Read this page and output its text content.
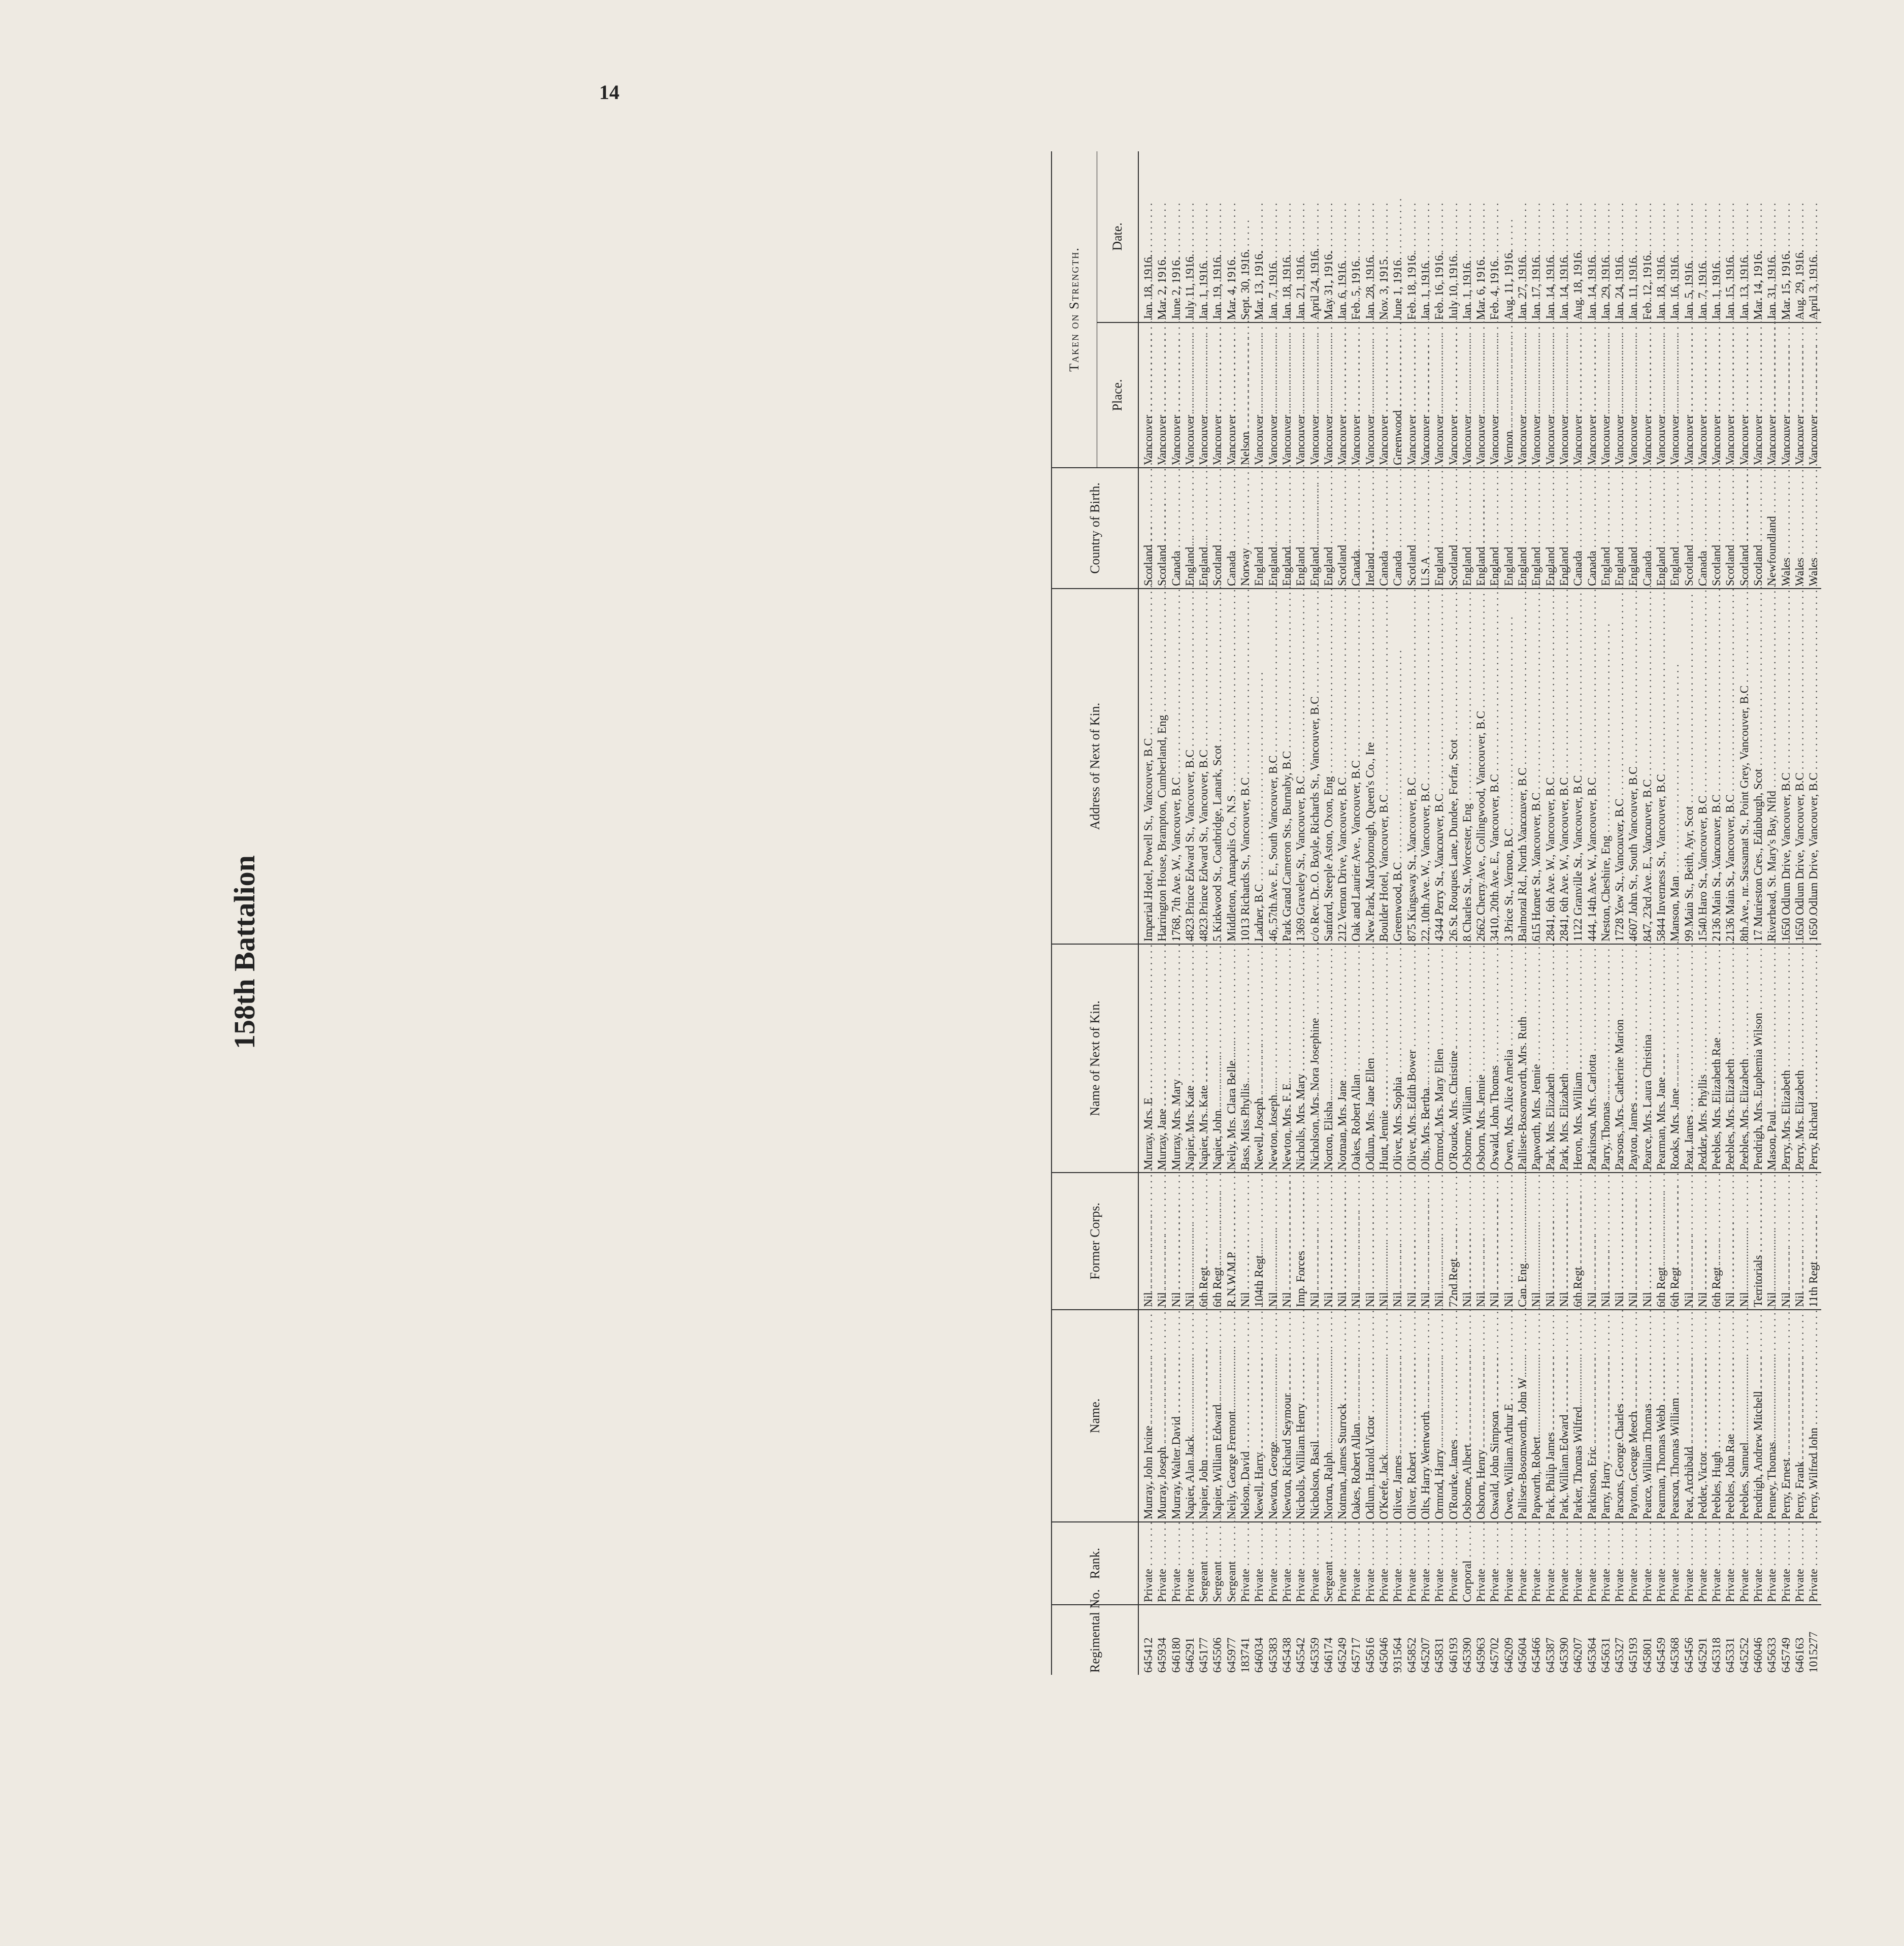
14
158th Battalion
Regimental No.	Rank.	Name.	Former Corps.	Name of Next of Kin.	Address of Next of Kin.	Country of Birth.	Taken on Strength.	
							Place.	Date.
645412	Private . . .	Murray, John Irvine . . .	Nil . . .	Murray, Mrs. E . . .	Imperial Hotel, Powell St., Vancouver, B.C . . .	Scotland . . .	Vancouver . . .	Jan. 18, 1916.
645934	Private . . .	Murray, Joseph . . .	Nil . . .	Murray, Jane . . .	Harrington House, Brampton, Cumberland, Eng . . .	Scotland . . .	Vancouver . . .	Mar. 2, 1916.
646180	Private . . .	Murray, Walter David . . .	Nil . . .	Murray, Mrs. Mary . . .	1768, 7th Ave. W., Vancouver, B.C . . .	Canada . . .	Vancouver . . .	June 2, 1916.
646291	Private . . .	Napier, Alan Jack . . .	Nil . . .	Napier, Mrs. Kate . . .	4823 Prince Edward St., Vancouver, B.C . . .	England . . .	Vancouver . . .	July 11, 1916.
645177	Sergeant . . .	Napier, John . . .	6th Regt . . .	Napier, Mrs. Kate . . .	4823 Prince Edward St., Vancouver, B.C . . .	England . . .	Vancouver . . .	Jan. 1, 1916.
645506	Sergeant . . .	Napier, William Edward . . .	6th Regt . . .	Napier, John . . .	5 Kirkwood St., Coatbridge, Lanark, Scot . . .	Scotland . . .	Vancouver . . .	Jan. 19, 1916.
645977	Sergeant . . .	Neily, George Fremont . . .	R.N.W.M.P . . .	Neily, Mrs. Clara Belle . . .	Middleton, Annapolis Co., N.S . . .	Canada . . .	Vancouver . . .	Mar. 4, 1916.
183741	Private . . .	Nelson, David . . .	Nil . . .	Bass, Miss Phyllis . . .	1013 Richards St., Vancouver, B.C . . .	Norway . . .	Nelson . . .	Sept. 30, 1916.
646034	Private . . .	Newell, Harry . . .	104th Regt . . .	Newell, Joseph . . .	Ladner, B.C . . .	England . . .	Vancouver . . .	Mar. 13, 1916.
645383	Private . . .	Newton, George . . .	Nil . . .	Newton, Joseph . . .	46, 57th Ave. E., South Vancouver, B.C . . .	England . . .	Vancouver . . .	Jan. 7, 1916.
645438	Private . . .	Newton, Richard Seymour . . .	Nil . . .	Newton, Mrs. F. E . . .	Park Grand Cameron Sts., Burnaby, B.C . . .	England . . .	Vancouver . . .	Jan. 18, 1916.
645542	Private . . .	Nicholls, William Henry . . .	Imp. Forces . . .	Nicholls, Mrs. Mary . . .	1369 Graveley St., Vancouver, B.C . . .	England . . .	Vancouver . . .	Jan. 21, 1916.
645359	Private . . .	Nicholson, Basil . . .	Nil . . .	Nicholson, Mrs. Nora Josephine . . .	c/o Rev. Dr. O. Boyle, Richards St., Vancouver, B.C . . .	England . . .	Vancouver . . .	April 24, 1916.
646174	Sergeant . . .	Norton, Ralph . . .	Nil . . .	Norton, Elisha . . .	Sanford, Steeple Aston, Oxon, Eng . . .	England . . .	Vancouver . . .	May 31, 1916.
645249	Private . . .	Notman, James Sturrock . . .	Nil . . .	Notman, Mrs. Jane . . .	212 Vernon Drive, Vancouver, B.C . . .	Scotland . . .	Vancouver . . .	Jan. 6, 1916.
645717	Private . . .	Oakes, Robert Allan . . .	Nil . . .	Oakes, Robert Allan . . .	Oak and Laurier Ave., Vancouver, B.C . . .	Canada . . .	Vancouver . . .	Feb. 5, 1916.
645616	Private . . .	Odlum, Harold Victor . . .	Nil . . .	Odlum, Mrs. Jane Ellen . . .	New Park, Maryborough, Queen's Co., Ire . . .	Ireland . . .	Vancouver . . .	Jan. 28, 1916.
645046	Private . . .	O'Keefe, Jack . . .	Nil . . .	Hunt, Jennie . . .	Boulder Hotel, Vancouver, B.C . . .	Canada . . .	Vancouver . . .	Nov. 3, 1915.
931564	Private . . .	Oliver, James . . .	Nil . . .	Oliver, Mrs. Sophia . . .	Greenwood, B.C . . .	Canada . . .	Greenwood . . .	June 1, 1916.
645852	Private . . .	Oliver, Robert . . .	Nil . . .	Oliver, Mrs. Edith Bower . . .	875 Kingsway St., Vancouver, B.C . . .	Scotland . . .	Vancouver . . .	Feb. 18, 1916.
645207	Private . . .	Olts, Harry Wentworth . . .	Nil . . .	Olts, Mrs. Bertha . . .	22, 10th Ave. W., Vancouver, B.C . . .	U.S.A . . .	Vancouver . . .	Jan. 1, 1916.
645831	Private . . .	Ormrod, Harry . . .	Nil . . .	Ormrod, Mrs. Mary Ellen . . .	4344 Perry St., Vancouver, B.C . . .	England . . .	Vancouver . . .	Feb. 16, 1916.
646193	Private . . .	O'Rourke, James . . .	72nd Regt . . .	O'Rourke, Mrs. Christine . . .	26 St. Rouques Lane, Dundee, Forfar, Scot . . .	Scotland . . .	Vancouver . . .	July 10, 1916.
645390	Corporal . . .	Osborne, Albert . . .	Nil . . .	Osborne, William . . .	8 Charles St., Worcester, Eng . . .	England . . .	Vancouver . . .	Jan. 1, 1916.
645963	Private . . .	Osborn, Henry . . .	Nil . . .	Osborn, Mrs. Jennie . . .	2662 Cherry Ave., Collingwood, Vancouver, B.C . . .	England . . .	Vancouver . . .	Mar. 6, 1916.
645702	Private . . .	Oswald, John Simpson . . .	Nil . . .	Oswald, John Thomas . . .	3410, 20th Ave. E., Vancouver, B.C . . .	England . . .	Vancouver . . .	Feb. 4, 1916.
646209	Private . . .	Owen, William Arthur E . . .	Nil . . .	Owen, Mrs. Alice Amelia . . .	3 Price St., Vernon, B.C . . .	England . . .	Vernon . . .	Aug. 11, 1916.
645604	Private . . .	Palliser-Bosomworth, John W . . .	Can. Eng . . .	Palliser-Bosomworth, Mrs. Ruth . . .	Balmoral Rd., North Vancouver, B.C . . .	England . . .	Vancouver . . .	Jan. 27, 1916.
645466	Private . . .	Papworth, Robert . . .	Nil . . .	Papworth, Mrs. Jennie . . .	615 Homer St., Vancouver, B.C . . .	England . . .	Vancouver . . .	Jan. 17, 1916.
645387	Private . . .	Park, Philip James . . .	Nil . . .	Park, Mrs. Elizabeth . . .	2841, 6th Ave. W., Vancouver, B.C . . .	England . . .	Vancouver . . .	Jan. 14, 1916.
645390	Private . . .	Park, William Edward . . .	Nil . . .	Park, Mrs. Elizabeth . . .	2841, 6th Ave. W., Vancouver, B.C . . .	England . . .	Vancouver . . .	Jan. 14, 1916.
646207	Private . . .	Parker, Thomas Wilfred . . .	6th Regt . . .	Heron, Mrs. William . . .	1122 Granville St., Vancouver, B.C . . .	Canada . . .	Vancouver . . .	Aug. 18, 1916.
645364	Private . . .	Parkinson, Eric . . .	Nil . . .	Parkinson, Mrs. Carlotta . . .	444, 14th Ave. W., Vancouver, B.C . . .	Canada . . .	Vancouver . . .	Jan. 14, 1916.
645631	Private . . .	Parry, Harry . . .	Nil . . .	Parry, Thomas . . .	Neston, Cheshire, Eng . . .	England . . .	Vancouver . . .	Jan. 29, 1916.
645327	Private . . .	Parsons, George Charles . . .	Nil . . .	Parsons, Mrs. Catherine Marion . . .	1728 Yew St., Vancouver, B.C . . .	England . . .	Vancouver . . .	Jan. 24, 1916.
645193	Private . . .	Payton, George Meech . . .	Nil . . .	Payton, James . . .	4607 John St., South Vancouver, B.C . . .	England . . .	Vancouver . . .	Jan. 11, 1916.
645801	Private . . .	Pearce, William Thomas . . .	Nil . . .	Pearce, Mrs. Laura Christina . . .	847, 23rd Ave. E., Vancouver, B.C . . .	Canada . . .	Vancouver . . .	Feb. 12, 1916.
645459	Private . . .	Pearman, Thomas Webb . . .	6th Regt . . .	Pearman, Mrs. Jane . . .	5844 Inverness St., Vancouver, B.C . . .	England . . .	Vancouver . . .	Jan. 18, 1916.
645368	Private . . .	Pearson, Thomas William . . .	6th Regt . . .	Rooks, Mrs. Jane . . .	Manson, Man . . .	England . . .	Vancouver . . .	Jan. 16, 1916.
645456	Private . . .	Peat, Archibald . . .	Nil . . .	Peat, James . . .	99 Main St., Beith, Ayr, Scot . . .	Scotland . . .	Vancouver . . .	Jan. 5, 1916.
645291	Private . . .	Pedder, Victor . . .	Nil . . .	Pedder, Mrs. Phyllis . . .	1540 Haro St., Vancouver, B.C . . .	Canada . . .	Vancouver . . .	Jan. 7, 1916.
645318	Private . . .	Peebles, Hugh . . .	6th Regt . . .	Peebles, Mrs. Elizabeth Rae . . .	2136 Main St., Vancouver, B.C . . .	Scotland . . .	Vancouver . . .	Jan. 1, 1916.
645331	Private . . .	Peebles, John Rae . . .	Nil . . .	Peebles, Mrs. Elizabeth . . .	2136 Main St., Vancouver, B.C . . .	Scotland . . .	Vancouver . . .	Jan. 15, 1916.
645252	Private . . .	Peebles, Samuel . . .	Nil . . .	Peebles, Mrs. Elizabeth . . .	8th Ave., nr. Sassamat St., Point Grey, Vancouver, B.C . . .	Scotland . . .	Vancouver . . .	Jan. 13, 1916.
646046	Private . . .	Pendrigh, Andrew Mitchell . . .	Territorials . . .	Pendrigh, Mrs. Euphemia Wilson . . .	17 Murieston Cres., Edinburgh, Scot . . .	Scotland . . .	Vancouver . . .	Mar. 14, 1916.
645633	Private . . .	Penney, Thomas . . .	Nil . . .	Mason, Paul . . .	Riverhead, St. Mary's Bay, Nfld . . .	Newfoundland . . .	Vancouver . . .	Jan. 31, 1916.
645749	Private . . .	Perry, Ernest . . .	Nil . . .	Perry, Mrs. Elizabeth . . .	1650 Odlum Drive, Vancouver, B.C . . .	Wales . . .	Vancouver . . .	Mar. 15, 1916.
646163	Private . . .	Perry, Frank . . .	Nil . . .	Perry, Mrs. Elizabeth . . .	1650 Odlum Drive, Vancouver, B.C . . .	Wales . . .	Vancouver . . .	Aug. 29, 1916.
1015277	Private . . .	Perry, Wilfred John . . .	11th Regt . . .	Perry, Richard . . .	1650 Odlum Drive, Vancouver, B.C . . .	Wales . . .	Vancouver . . .	April 3, 1916.
